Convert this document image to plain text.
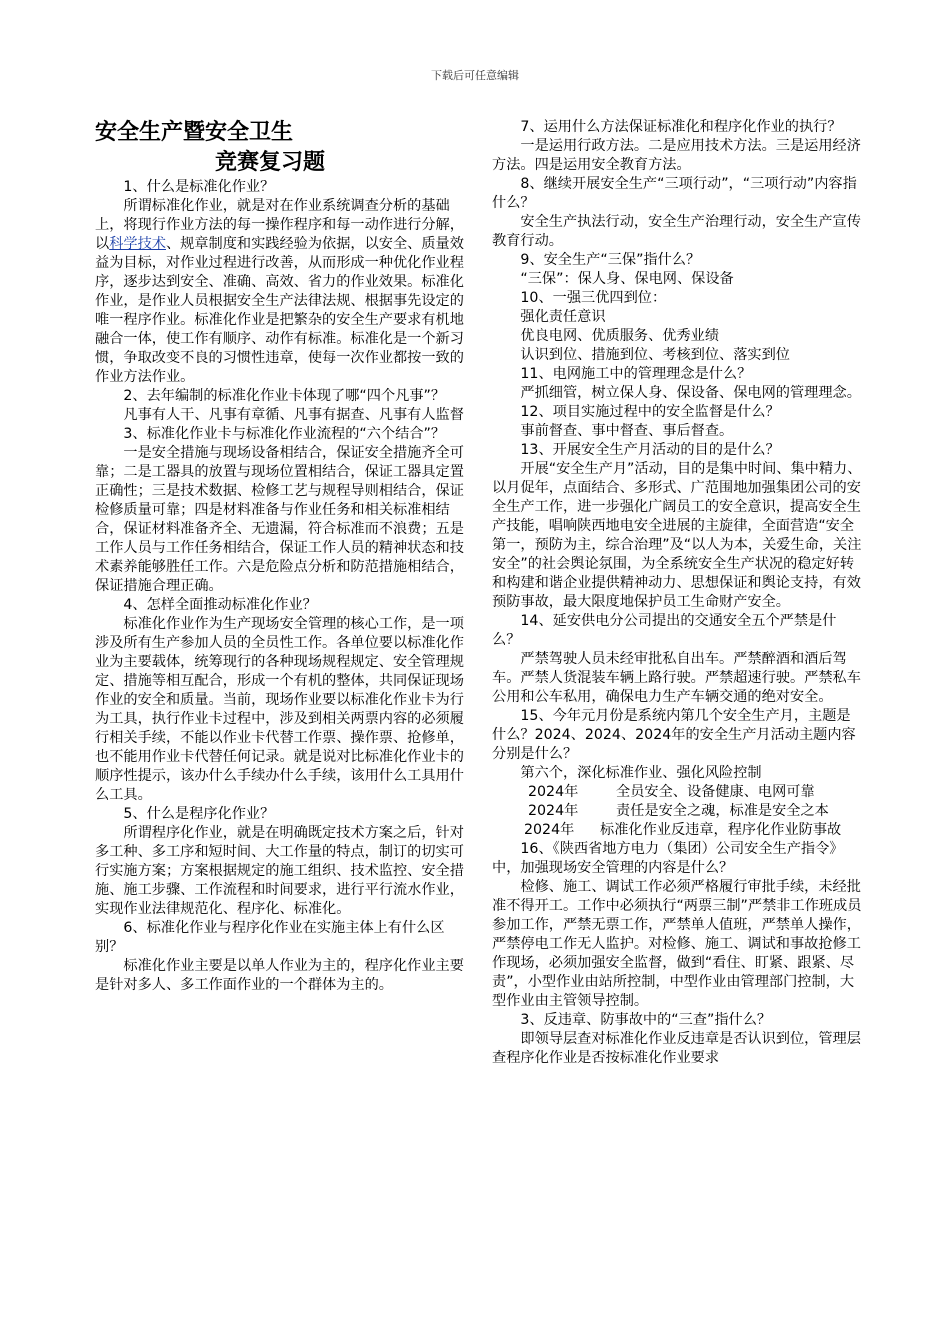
下载后可任意编辑

安全生产暨安全卫生

竞赛复习题

1、什么是标准化作业？

所谓标准化作业，就是对在作业系统调查分析的基础上，将现行作业方法的每一操作程序和每一动作进行分解，以科学技术、规章制度和实践经验为依据，以安全、质量效益为目标，对作业过程进行改善，从而形成一种优化作业程序，逐步达到安全、准确、高效、省力的作业效果。标准化作业，是作业人员根据安全生产法律法规、根据事先设定的唯一程序作业。标准化作业是把繁杂的安全生产要求有机地融合一体，使工作有顺序、动作有标准。标准化是一个新习惯，争取改变不良的习惯性违章，使每一次作业都按一致的作业方法作业。

2、去年编制的标准化作业卡体现了哪“四个凡事”？

凡事有人干、凡事有章循、凡事有据查、凡事有人监督

3、标准化作业卡与标准化作业流程的“六个结合”？

一是安全措施与现场设备相结合，保证安全措施齐全可靠；二是工器具的放置与现场位置相结合，保证工器具定置正确性；三是技术数据、检修工艺与规程导则相结合，保证检修质量可靠；四是材料准备与作业任务和相关标准相结合，保证材料准备齐全、无遗漏，符合标准而不浪费；五是工作人员与工作任务相结合，保证工作人员的精神状态和技术素养能够胜任工作。六是危险点分析和防范措施相结合，保证措施合理正确。

4、怎样全面推动标准化作业？

标准化作业作为生产现场安全管理的核心工作，是一项涉及所有生产参加人员的全员性工作。各单位要以标准化作业为主要载体，统筹现行的各种现场规程规定、安全管理规定、措施等相互配合，形成一个有机的整体，共同保证现场作业的安全和质量。当前，现场作业要以标准化作业卡为行为工具，执行作业卡过程中，涉及到相关两票内容的必须履行相关手续，不能以作业卡代替工作票、操作票、抢修单，也不能用作业卡代替任何记录。就是说对比标准化作业卡的顺序性提示，该办什么手续办什么手续，该用什么工具用什么工具。

5、什么是程序化作业？

所谓程序化作业，就是在明确既定技术方案之后，针对多工种、多工序和短时间、大工作量的特点，制订的切实可行实施方案；方案根据规定的施工组织、技术监控、安全措施、施工步骤、工作流程和时间要求，进行平行流水作业，实现作业法律规范化、程序化、标准化。

6、标准化作业与程序化作业在实施主体上有什么区别？

标准化作业主要是以单人作业为主的，程序化作业主要是针对多人、多工作面作业的一个群体为主的。

7、运用什么方法保证标准化和程序化作业的执行？

一是运用行政方法。二是应用技术方法。三是运用经济方法。四是运用安全教育方法。

8、继续开展安全生产“三项行动”，“三项行动”内容指什么？

安全生产执法行动，安全生产治理行动，安全生产宣传教育行动。

9、安全生产“三保”指什么？

“三保”：保人身、保电网、保设备

10、一强三优四到位：

强化责任意识

优良电网、优质服务、优秀业绩

认识到位、措施到位、考核到位、落实到位

11、电网施工中的管理理念是什么？

严抓细管，树立保人身、保设备、保电网的管理理念。

12、项目实施过程中的安全监督是什么？

事前督查、事中督查、事后督查。

13、开展安全生产月活动的目的是什么？

开展“安全生产月”活动，目的是集中时间、集中精力、以月促年，点面结合、多形式、广范围地加强集团公司的安全生产工作，进一步强化广阔员工的安全意识，提高安全生产技能，唱响陕西地电安全进展的主旋律，全面营造“安全第一，预防为主，综合治理”及“以人为本，关爱生命，关注安全”的社会舆论氛围，为全系统安全生产状况的稳定好转和构建和谐企业提供精神动力、思想保证和舆论支持，有效预防事故，最大限度地保护员工生命财产安全。

14、延安供电分公司提出的交通安全五个严禁是什么？

严禁驾驶人员未经审批私自出车。严禁醉酒和酒后驾车。严禁人货混装车辆上路行驶。严禁超速行驶。严禁私车公用和公车私用，确保电力生产车辆交通的绝对安全。

15、今年元月份是系统内第几个安全生产月，主题是什么？2024、2024、2024年的安全生产月活动主题内容分别是什么？

第六个，深化标准作业、强化风险控制

2024年	全员安全、设备健康、电网可靠

2024年	责任是安全之魂，标准是安全之本

2024年 标准化作业反违章，程序化作业防事故

16、《陕西省地方电力（集团）公司安全生产指令》中，加强现场安全管理的内容是什么？

检修、施工、调试工作必须严格履行审批手续，未经批准不得开工。工作中必须执行“两票三制”严禁非工作班成员参加工作，严禁无票工作，严禁单人值班，严禁单人操作，严禁停电工作无人监护。对检修、施工、调试和事故抢修工作现场，必须加强安全监督，做到“看住、盯紧、跟紧、尽责”，小型作业由站所控制，中型作业由管理部门控制，大型作业由主管领导控制。

3、反违章、防事故中的“三查”指什么？

即领导层查对标准化作业反违章是否认识到位，管理层查程序化作业是否按标准化作业要求
